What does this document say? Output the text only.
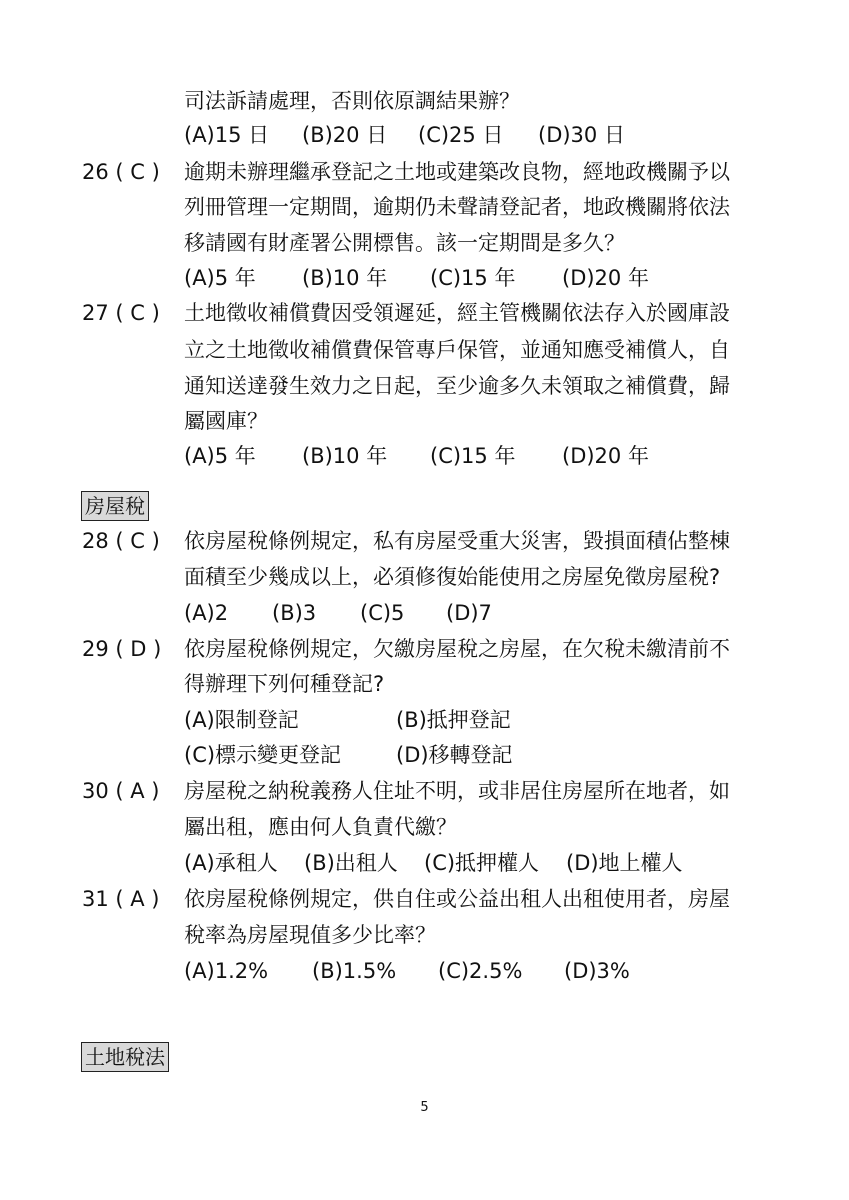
司法訴請處理，否則依原調結果辦？
(A)15 日 (B)20 日 (C)25 日 (D)30 日
26 ( C ) 逾期未辦理繼承登記之土地或建築改良物，經地政機關予以
列冊管理一定期間，逾期仍未聲請登記者，地政機關將依法
移請國有財產署公開標售。該一定期間是多久？
(A)5 年 (B)10 年 (C)15 年 (D)20 年
27 ( C ) 土地徵收補償費因受領遲延，經主管機關依法存入於國庫設
立之土地徵收補償費保管專戶保管，並通知應受補償人，自
通知送達發生效力之日起，至少逾多久未領取之補償費，歸
屬國庫？
(A)5 年 (B)10 年 (C)15 年 (D)20 年
房屋稅
28 ( C ) 依房屋稅條例規定，私有房屋受重大災害，毀損面積佔整棟
面積至少幾成以上，必須修復始能使用之房屋免徵房屋稅?
(A)2 (B)3 (C)5 (D)7
29 ( D ) 依房屋稅條例規定，欠繳房屋稅之房屋，在欠稅未繳清前不
得辦理下列何種登記?
(A)限制登記	(B)抵押登記
(C)標示變更登記	(D)移轉登記
30 ( A ) 房屋稅之納稅義務人住址不明，或非居住房屋所在地者，如
屬出租，應由何人負責代繳？
(A)承租人 (B)出租人 (C)抵押權人 (D)地上權人
31 ( A ) 依房屋稅條例規定，供自住或公益出租人出租使用者，房屋
稅率為房屋現值多少比率？
(A)1.2% (B)1.5% (C)2.5% (D)3%
土地稅法
5
